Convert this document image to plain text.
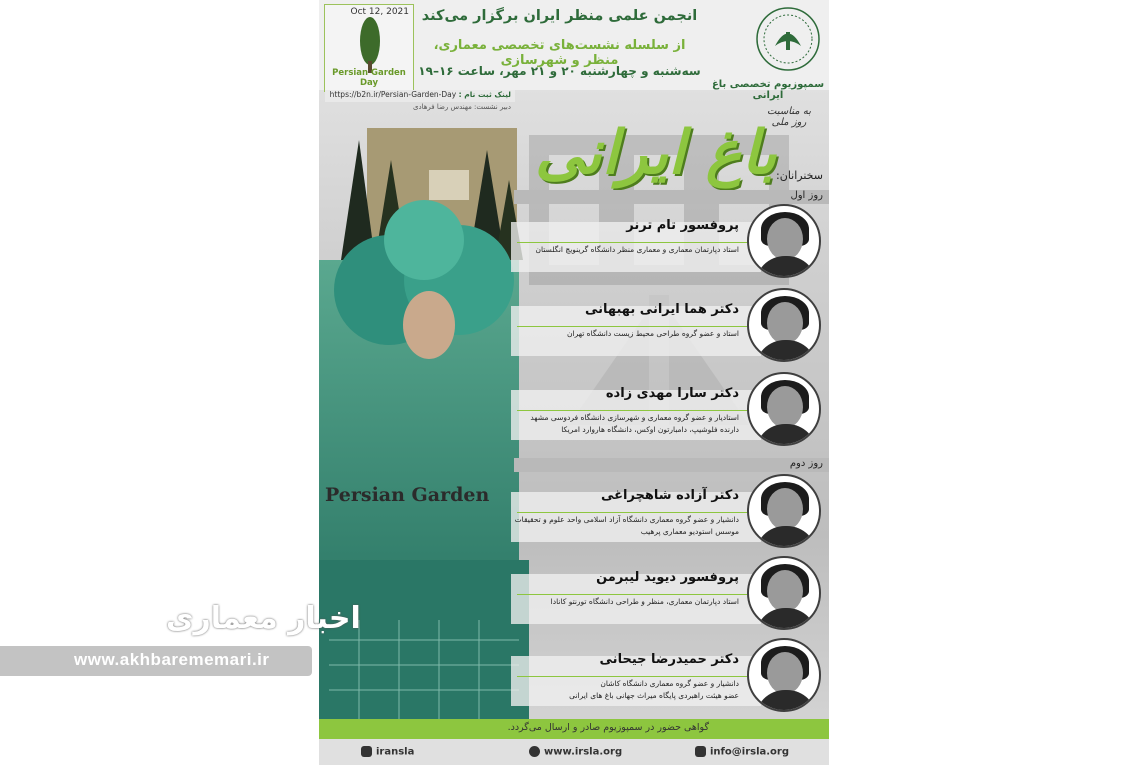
Oct 12, 2021
Persian Garden Day
انجمن علمی منظر ایران برگزار می‌کند
از سلسله نشست‌های تخصصی معماری، منظر و شهرسازی
سه‌شنبه و چهارشنبه ۲۰ و ۲۱ مهر، ساعت ۱۶–۱۹
سمپوزیوم تخصصی باغ ایرانی
به مناسبت روز ملی
لینک ثبت نام : https://b2n.ir/Persian-Garden-Day
دبیر نشست: مهندس رضا فرهادی
باغ ایرانی
Persian Garden
سخنرانان:
روز اول
پروفسور تام ترنر
استاد دپارتمان معماری و معماری منظر دانشگاه گرینویچ انگلستان
دکتر هما ایرانی بهبهانی
استاد و عضو گروه طراحی محیط زیست دانشگاه تهران
دکتر سارا مهدی زاده
استادیار و عضو گروه معماری و شهرسازی دانشگاه فردوسی مشهد
دارنده فلوشیپ، دامبارتون اوکس، دانشگاه هاروارد امریکا
روز دوم
دکتر آزاده شاهچراغی
دانشیار و عضو گروه معماری دانشگاه آزاد اسلامی واحد علوم و تحقیقات
موسس استودیو معماری پرهیب
پروفسور دیوید لیبرمن
استاد دپارتمان معماری، منظر و طراحی دانشگاه تورنتو کانادا
دکتر حمیدرضا جیحانی
دانشیار و عضو گروه معماری دانشگاه کاشان
عضو هیئت راهبردی پایگاه میراث جهانی باغ های ایرانی
گواهی حضور در سمپوزیوم صادر و ارسال می‌گردد.
iransla	www.irsla.org	info@irsla.org
پایگاه خبری
اخبار معماری
www.akhbarememari.ir
